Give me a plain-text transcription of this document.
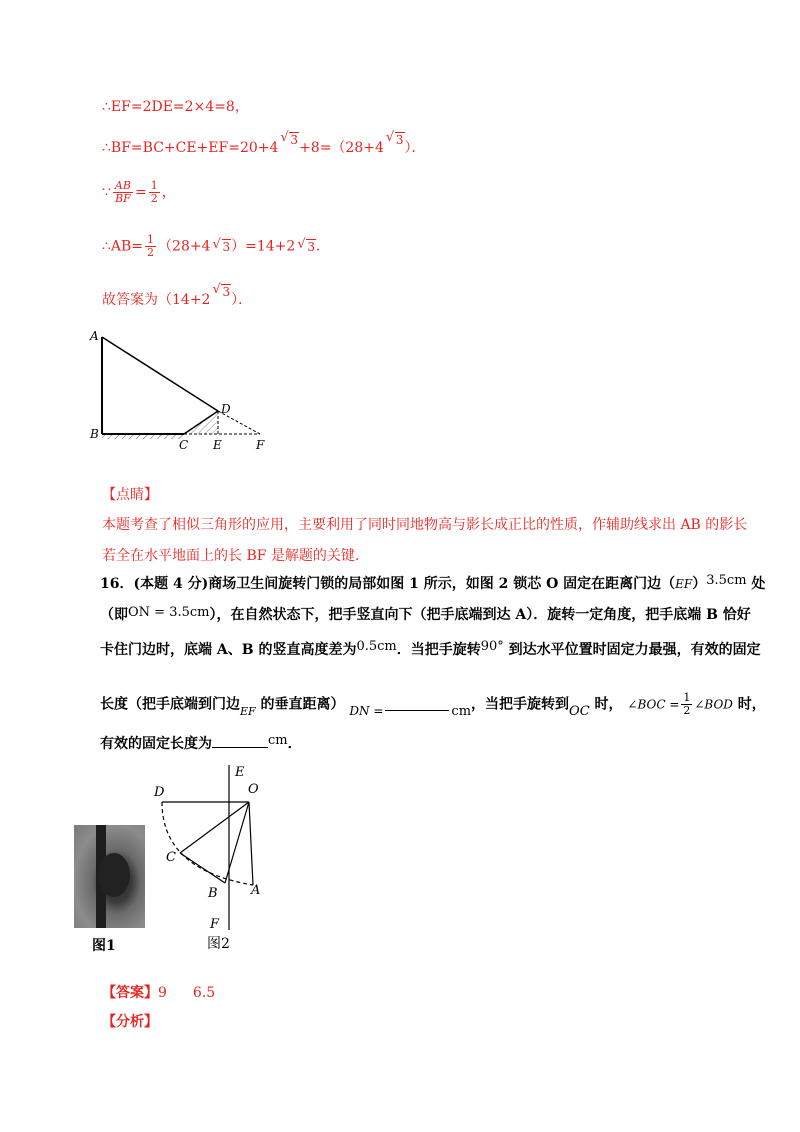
∴EF=2DE=2×4=8，
∴BF=BC+CE+EF=20+4√ 3+8=（28+4√ 3）．
∵ $\frac{AB}{BF} = \frac{1}{2}$ ，
∴AB= $\frac{1}{2} (28+4√$ 3）=14+2√ 3．
故答案为（14+2√ 3）．
A
B
C
D
E	F
【点睛】
本题考查了相似三角形的应用，主要利用了同时同地物高与影长成正比的性质，作辅助线求出 AB 的影长
若全在水平地面上的长 BF 是解题的关键.
16．(本题 4 分)商场卫生间旋转门锁的局部如图 1 所示，如图 2 锁芯 O 固定在距离门边（EF）3.5cm 处
（即ON = 3.5cm），在自然状态下，把手竖直向下（把手底端到达 A）．旋转一定角度，把手底端 B 恰好
卡住门边时，底端 A、B 的竖直高度差为0.5cm．当把手旋转90° 到达水平位置时固定力最强，有效的固定
长度（把手底端到门边$_{EF}$ 的垂直距离） DN =	cm，当把手旋转到OC 时， ∠BOC = $\frac{1}{2}$ ∠BOD 时，
有效的固定长度为	cm．
图1
E
O
D
C
B	A
F
图2
【答案】9 6.5
【分析】
